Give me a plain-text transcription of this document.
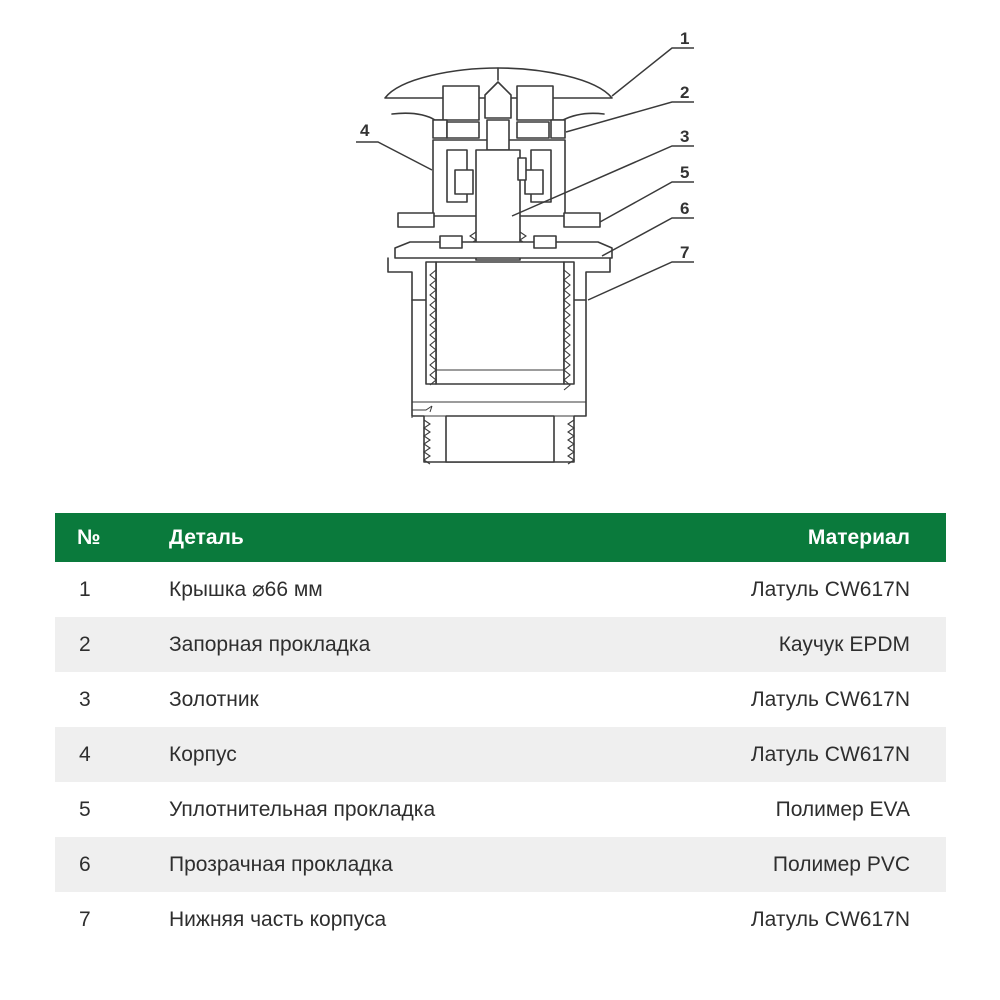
1
2
3
5
6
7
4
№	Деталь	Материал
1	Крышка ⌀66 мм	Латуль CW617N
2	Запорная прокладка	Каучук EPDM
3	Золотник	Латуль CW617N
4	Корпус	Латуль CW617N
5	Уплотнительная прокладка	Полимер EVA
6	Прозрачная прокладка	Полимер PVC
7	Нижняя часть корпуса	Латуль CW617N
